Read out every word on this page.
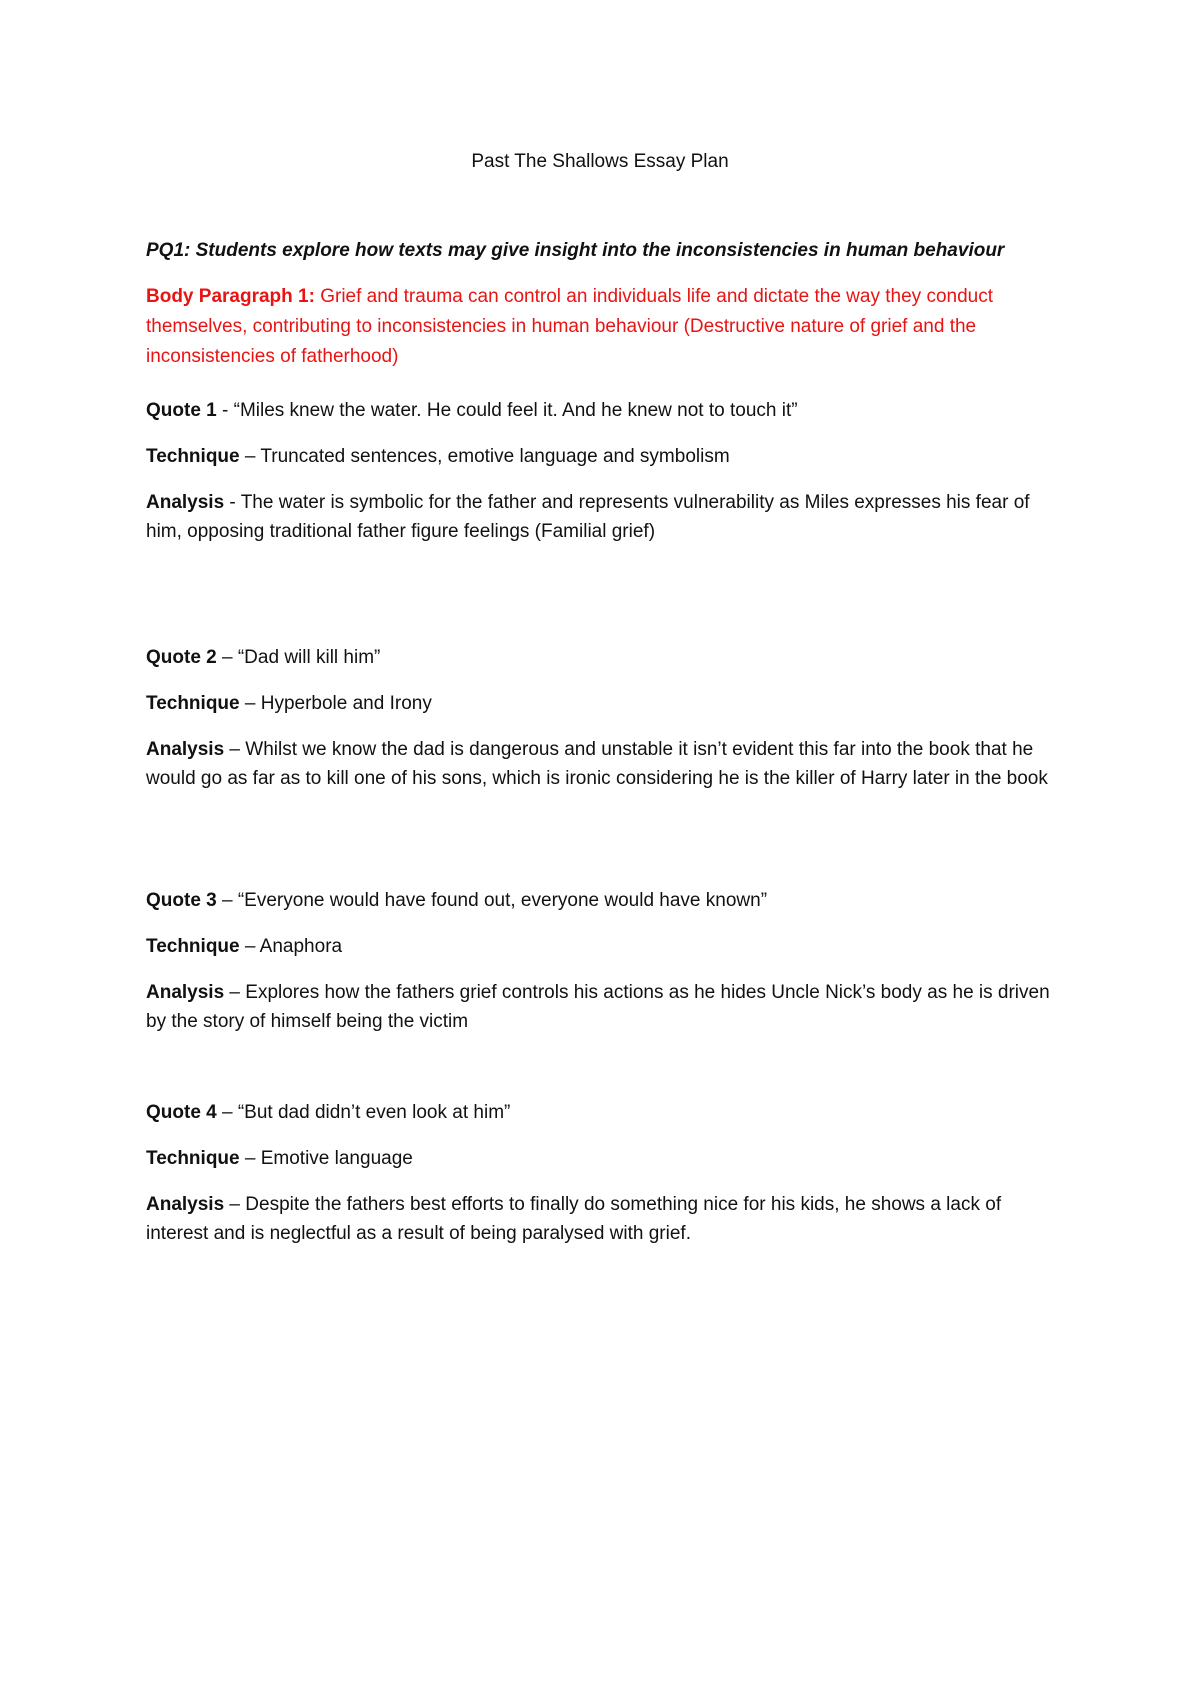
Past The Shallows Essay Plan
PQ1: Students explore how texts may give insight into the inconsistencies in human behaviour
Body Paragraph 1: Grief and trauma can control an individuals life and dictate the way they conduct themselves, contributing to inconsistencies in human behaviour (Destructive nature of grief and the inconsistencies of fatherhood)

Quote 1 - “Miles knew the water. He could feel it. And he knew not to touch it”

Technique – Truncated sentences, emotive language and symbolism

Analysis - The water is symbolic for the father and represents vulnerability as Miles expresses his fear of him, opposing traditional father figure feelings (Familial grief)

Quote 2 – “Dad will kill him”

Technique – Hyperbole and Irony

Analysis – Whilst we know the dad is dangerous and unstable it isn’t evident this far into the book that he would go as far as to kill one of his sons, which is ironic considering he is the killer of Harry later in the book

Quote 3 – “Everyone would have found out, everyone would have known”

Technique – Anaphora

Analysis – Explores how the fathers grief controls his actions as he hides Uncle Nick’s body as he is driven by the story of himself being the victim

Quote 4 – “But dad didn’t even look at him”

Technique – Emotive language

Analysis – Despite the fathers best efforts to finally do something nice for his kids, he shows a lack of interest and is neglectful as a result of being paralysed with grief.
